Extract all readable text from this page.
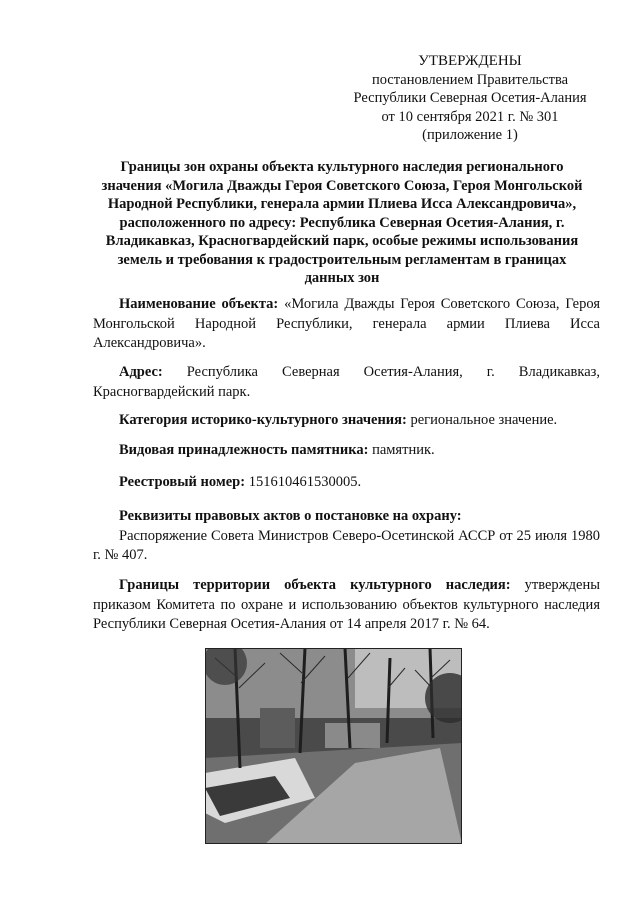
УТВЕРЖДЕНЫ
постановлением Правительства
Республики Северная Осетия-Алания
от 10 сентября 2021 г. № 301
(приложение 1)
Границы зон охраны объекта культурного наследия регионального значения «Могила Дважды Героя Советского Союза, Героя Монгольской Народной Республики, генерала армии Плиева Исса Александровича», расположенного по адресу: Республика Северная Осетия-Алания, г. Владикавказ, Красногвардейский парк, особые режимы использования земель и требования к градостроительным регламентам в границах данных зон
Наименование объекта: «Могила Дважды Героя Советского Союза, Героя Монгольской Народной Республики, генерала армии Плиева Исса Александровича».
Адрес: Республика Северная Осетия-Алания, г. Владикавказ, Красногвардейский парк.
Категория историко-культурного значения: региональное значение.
Видовая принадлежность памятника: памятник.
Реестровый номер: 151610461530005.
Реквизиты правовых актов о постановке на охрану:
Распоряжение Совета Министров Северо-Осетинской АССР от 25 июля 1980 г. № 407.
Границы территории объекта культурного наследия: утверждены приказом Комитета по охране и использованию объектов культурного наследия Республики Северная Осетия-Алания от 14 апреля 2017 г. № 64.
